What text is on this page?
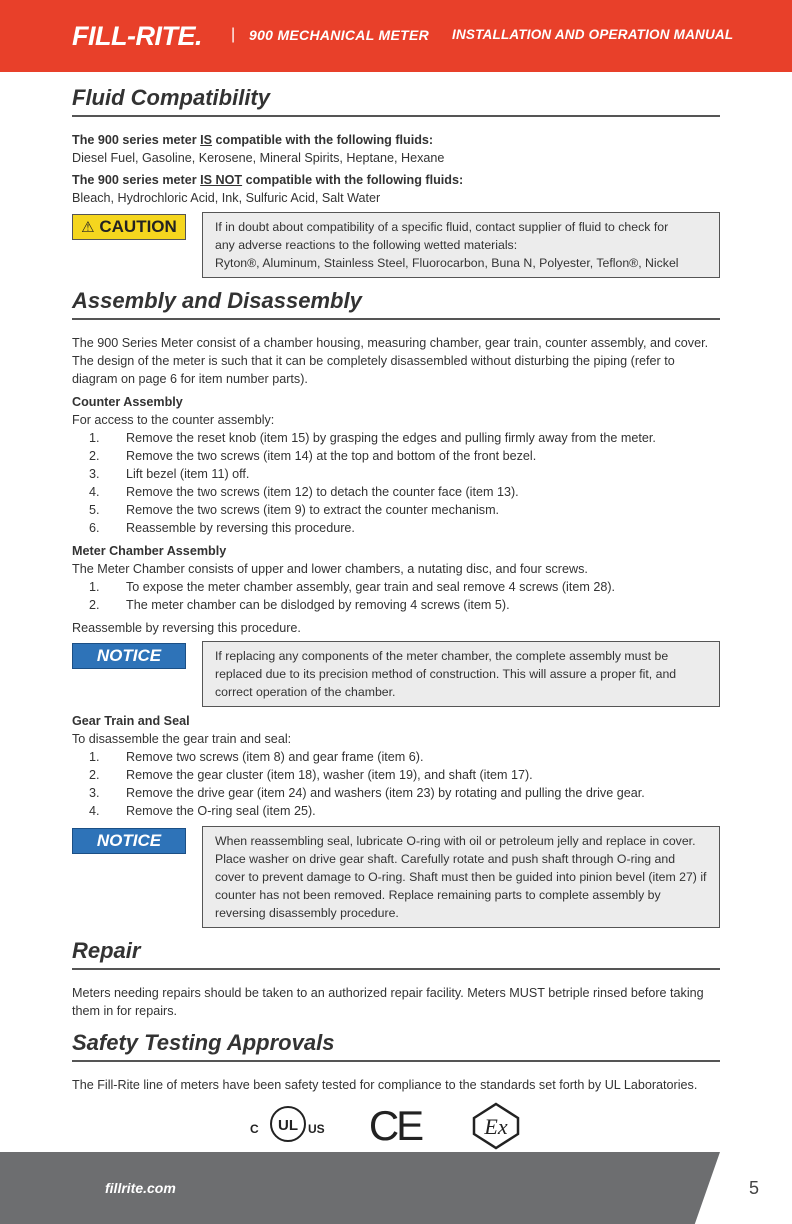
FILL-RITE. | 900 MECHANICAL METER INSTALLATION AND OPERATION MANUAL
Fluid Compatibility

The 900 series meter IS compatible with the following fluids:

Diesel Fuel, Gasoline, Kerosene, Mineral Spirits, Heptane, Hexane

The 900 series meter IS NOT compatible with the following fluids:

Bleach, Hydrochloric Acid, Ink, Sulfuric Acid, Salt Water

⚠ CAUTION	If in doubt about compatibility of a specific fluid, contact supplier of fluid to check for
any adverse reactions to the following wetted materials:
Ryton®, Aluminum, Stainless Steel, Fluorocarbon, Buna N, Polyester, Teflon®, Nickel
Assembly and Disassembly

The 900 Series Meter consist of a chamber housing, measuring chamber, gear train, counter assembly, and cover. The design of the meter is such that it can be completely disassembled without disturbing the piping (refer to diagram on page 6 for item number parts).

Counter Assembly

For access to the counter assembly:

1. Remove the reset knob (item 15) by grasping the edges and pulling firmly away from the meter.
2. Remove the two screws (item 14) at the top and bottom of the front bezel.
3. Lift bezel (item 11) off.
4. Remove the two screws (item 12) to detach the counter face (item 13).
5. Remove the two screws (item 9) to extract the counter mechanism.
6. Reassemble by reversing this procedure.
Meter Chamber Assembly

The Meter Chamber consists of upper and lower chambers, a nutating disc, and four screws.

1. To expose the meter chamber assembly, gear train and seal remove 4 screws (item 28).
2. The meter chamber can be dislodged by removing 4 screws (item 5).

Reassemble by reversing this procedure.

NOTICE	If replacing any components of the meter chamber, the complete assembly must be replaced due to its precision method of construction. This will assure a proper fit, and correct operation of the chamber.
Gear Train and Seal

To disassemble the gear train and seal:

1. Remove two screws (item 8) and gear frame (item 6).
2. Remove the gear cluster (item 18), washer (item 19), and shaft (item 17).
3. Remove the drive gear (item 24) and washers (item 23) by rotating and pulling the drive gear.
4. Remove the O-ring seal (item 25).
NOTICE	When reassembling seal, lubricate O-ring with oil or petroleum jelly and replace in cover. Place washer on drive gear shaft. Carefully rotate and push shaft through O-ring and cover to prevent damage to O-ring. Shaft must then be guided into pinion bevel (item 27) if counter has not been removed. Replace remaining parts to complete assembly by reversing disassembly procedure.
Repair

Meters needing repairs should be taken to an authorized repair facility. Meters MUST betriple rinsed before taking them in for repairs.

Safety Testing Approvals

The Fill-Rite line of meters have been safety tested for compliance to the standards set forth by UL Laboratories.

C UL US CE	Ex
fillrite.com	5
